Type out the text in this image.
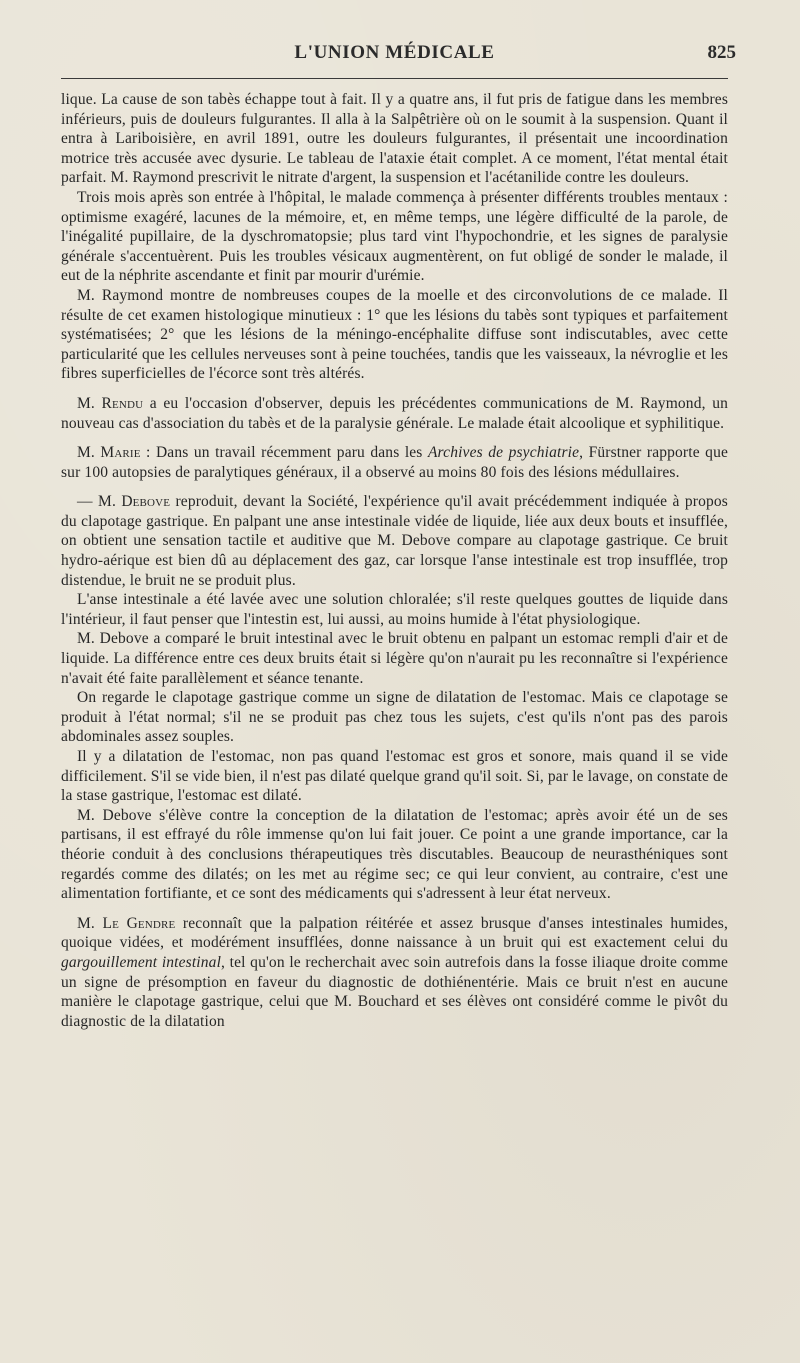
L'UNION MÉDICALE	825

lique. La cause de son tabès échappe tout à fait. Il y a quatre ans, il fut pris de fatigue dans les membres inférieurs, puis de douleurs fulgurantes. Il alla à la Salpêtrière où on le soumit à la suspension. Quant il entra à Lariboisière, en avril 1891, outre les douleurs fulgurantes, il présentait une incoordination motrice très accusée avec dysurie. Le tableau de l'ataxie était complet. A ce moment, l'état mental était parfait. M. Raymond prescrivit le nitrate d'argent, la suspension et l'acétanilide contre les douleurs.

Trois mois après son entrée à l'hôpital, le malade commença à présenter différents troubles mentaux : optimisme exagéré, lacunes de la mémoire, et, en même temps, une légère difficulté de la parole, de l'inégalité pupillaire, de la dyschromatopsie; plus tard vint l'hypochondrie, et les signes de paralysie générale s'accentuèrent. Puis les troubles vésicaux augmentèrent, on fut obligé de sonder le malade, il eut de la néphrite ascendante et finit par mourir d'urémie.

M. Raymond montre de nombreuses coupes de la moelle et des circonvolutions de ce malade. Il résulte de cet examen histologique minutieux : 1° que les lésions du tabès sont typiques et parfaitement systématisées; 2° que les lésions de la méningo-encéphalite diffuse sont indiscutables, avec cette particularité que les cellules nerveuses sont à peine touchées, tandis que les vaisseaux, la névroglie et les fibres superficielles de l'écorce sont très altérés.

M. Rendu a eu l'occasion d'observer, depuis les précédentes communications de M. Raymond, un nouveau cas d'association du tabès et de la paralysie générale. Le malade était alcoolique et syphilitique.

M. Marie : Dans un travail récemment paru dans les Archives de psychiatrie, Fürstner rapporte que sur 100 autopsies de paralytiques généraux, il a observé au moins 80 fois des lésions médullaires.

— M. Debove reproduit, devant la Société, l'expérience qu'il avait précédemment indiquée à propos du clapotage gastrique. En palpant une anse intestinale vidée de liquide, liée aux deux bouts et insufflée, on obtient une sensation tactile et auditive que M. Debove compare au clapotage gastrique. Ce bruit hydro-aérique est bien dû au déplacement des gaz, car lorsque l'anse intestinale est trop insufflée, trop distendue, le bruit ne se produit plus.

L'anse intestinale a été lavée avec une solution chloralée; s'il reste quelques gouttes de liquide dans l'intérieur, il faut penser que l'intestin est, lui aussi, au moins humide à l'état physiologique.

M. Debove a comparé le bruit intestinal avec le bruit obtenu en palpant un estomac rempli d'air et de liquide. La différence entre ces deux bruits était si légère qu'on n'aurait pu les reconnaître si l'expérience n'avait été faite parallèlement et séance tenante.

On regarde le clapotage gastrique comme un signe de dilatation de l'estomac. Mais ce clapotage se produit à l'état normal; s'il ne se produit pas chez tous les sujets, c'est qu'ils n'ont pas des parois abdominales assez souples.

Il y a dilatation de l'estomac, non pas quand l'estomac est gros et sonore, mais quand il se vide difficilement. S'il se vide bien, il n'est pas dilaté quelque grand qu'il soit. Si, par le lavage, on constate de la stase gastrique, l'estomac est dilaté.

M. Debove s'élève contre la conception de la dilatation de l'estomac; après avoir été un de ses partisans, il est effrayé du rôle immense qu'on lui fait jouer. Ce point a une grande importance, car la théorie conduit à des conclusions thérapeutiques très discutables. Beaucoup de neurasthéniques sont regardés comme des dilatés; on les met au régime sec; ce qui leur convient, au contraire, c'est une alimentation fortifiante, et ce sont des médicaments qui s'adressent à leur état nerveux.

M. Le Gendre reconnaît que la palpation réitérée et assez brusque d'anses intestinales humides, quoique vidées, et modérément insufflées, donne naissance à un bruit qui est exactement celui du gargouillement intestinal, tel qu'on le recherchait avec soin autrefois dans la fosse iliaque droite comme un signe de présomption en faveur du diagnostic de dothiénentérie. Mais ce bruit n'est en aucune manière le clapotage gastrique, celui que M. Bouchard et ses élèves ont considéré comme le pivôt du diagnostic de la dilatation
